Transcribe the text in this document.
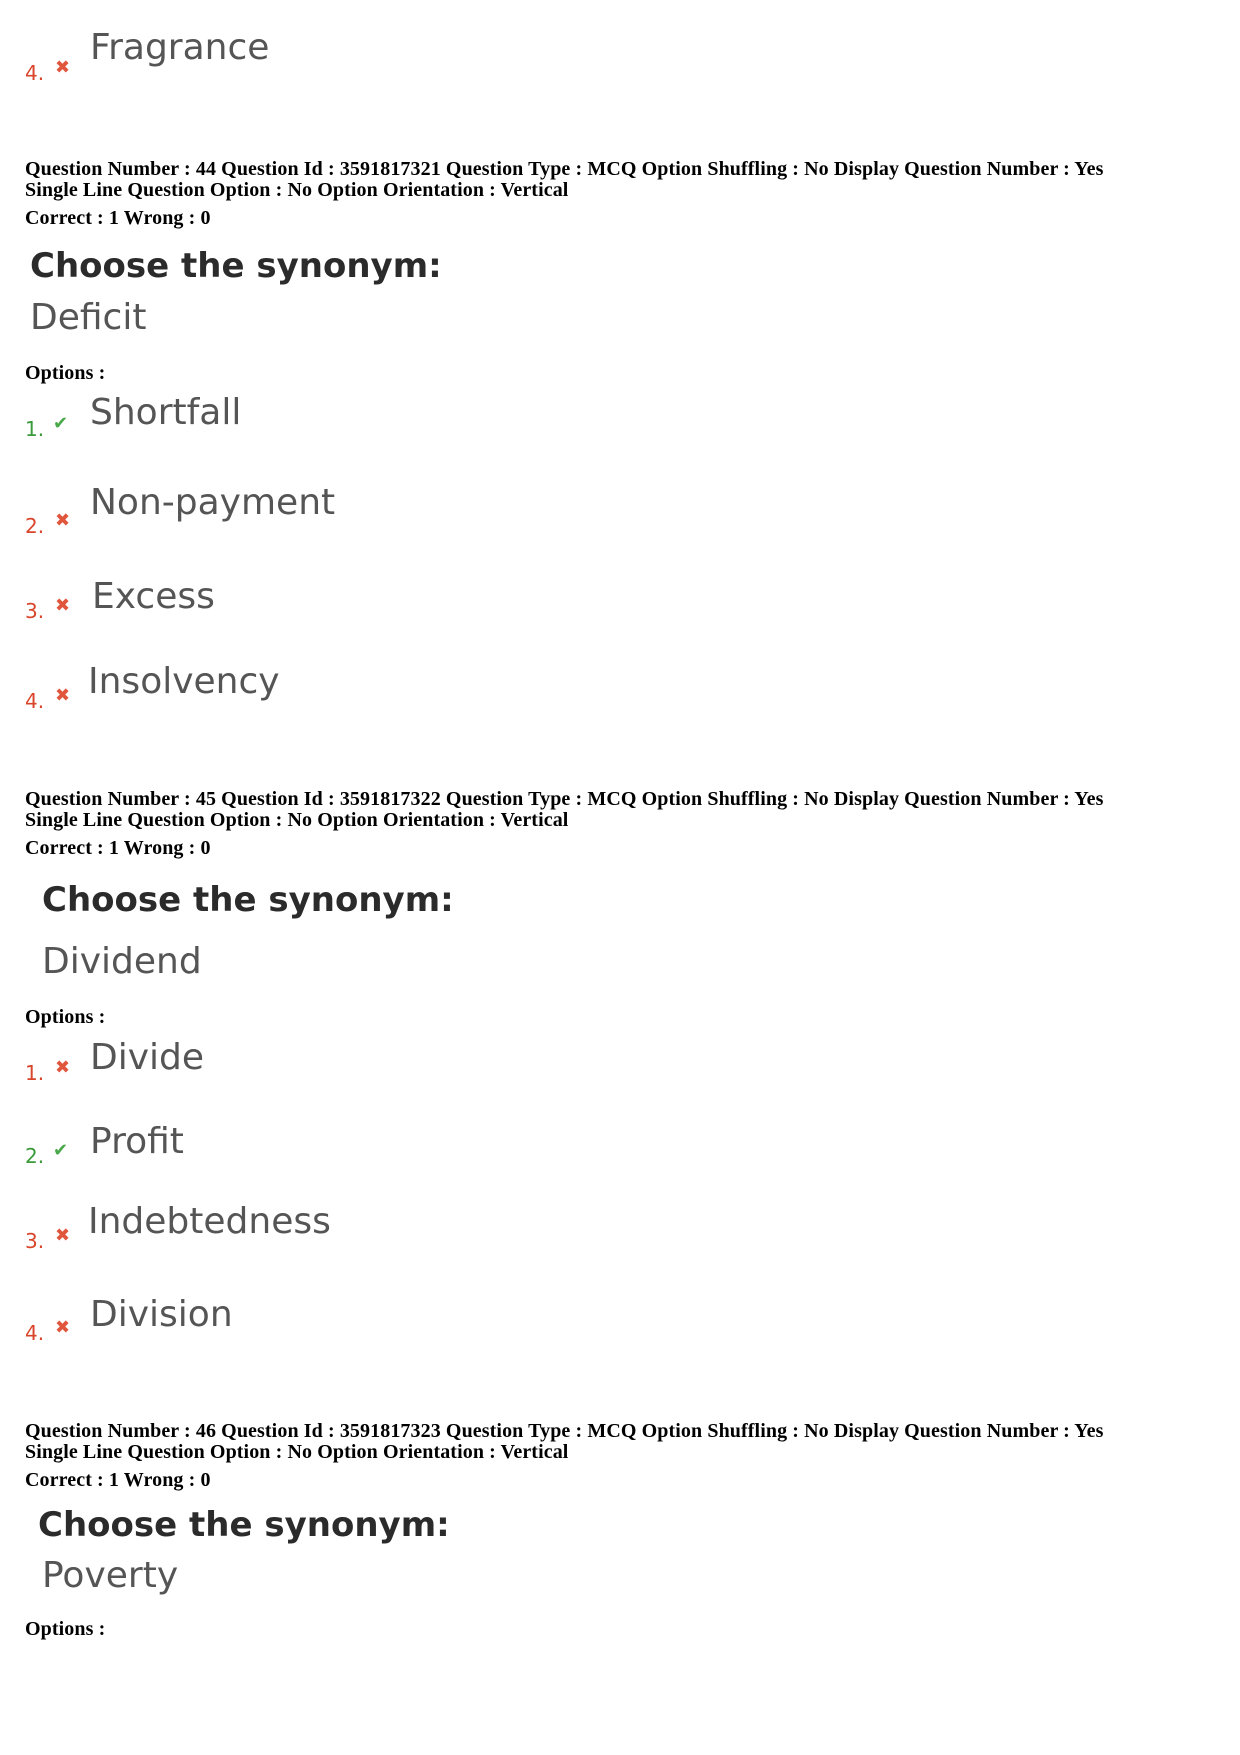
4. ✖ Fragrance
Question Number : 44 Question Id : 3591817321 Question Type : MCQ Option Shuffling : No Display Question Number : Yes
Single Line Question Option : No Option Orientation : Vertical
Correct : 1 Wrong : 0
Choose the synonym:
Deficit
Options :
1. ✔ Shortfall
2. ✖ Non-payment
3. ✖ Excess
4. ✖ Insolvency
Question Number : 45 Question Id : 3591817322 Question Type : MCQ Option Shuffling : No Display Question Number : Yes
Single Line Question Option : No Option Orientation : Vertical
Correct : 1 Wrong : 0
Choose the synonym:
Dividend
Options :
1. ✖ Divide
2. ✔ Profit
3. ✖ Indebtedness
4. ✖ Division
Question Number : 46 Question Id : 3591817323 Question Type : MCQ Option Shuffling : No Display Question Number : Yes
Single Line Question Option : No Option Orientation : Vertical
Correct : 1 Wrong : 0
Choose the synonym:
Poverty
Options :
